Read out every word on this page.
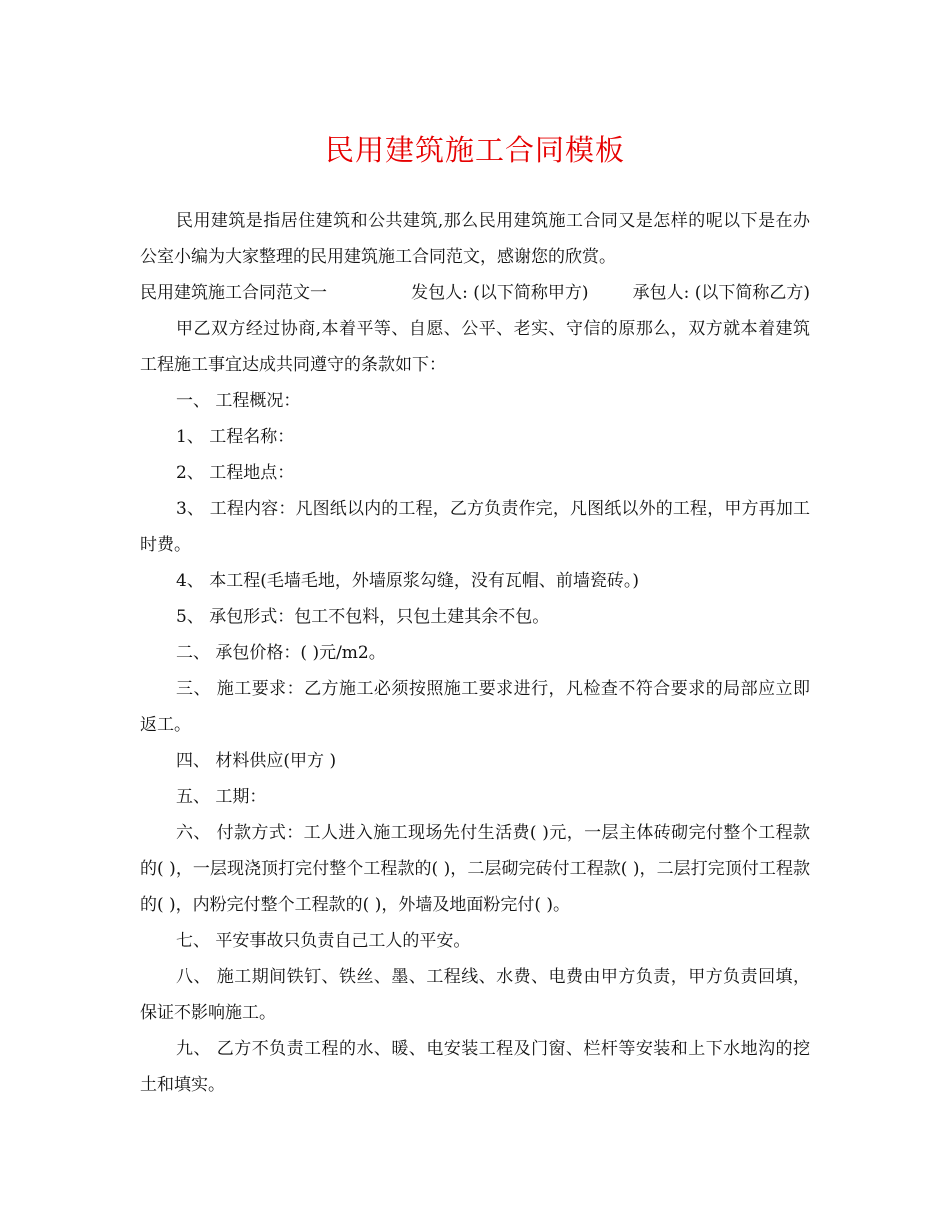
民用建筑施工合同模板

民用建筑是指居住建筑和公共建筑,那么民用建筑施工合同又是怎样的呢以下是在办公室小编为大家整理的民用建筑施工合同范文，感谢您的欣赏。

民用建筑施工合同范文一	发包人: (以下简称甲方)	承包人: (以下简称乙方)

甲乙双方经过协商,本着平等、自愿、公平、老实、守信的原那么，双方就本着建筑工程施工事宜达成共同遵守的条款如下：

一、 工程概况：

1、 工程名称：

2、 工程地点：

3、 工程内容：凡图纸以内的工程，乙方负责作完，凡图纸以外的工程，甲方再加工时费。

4、 本工程(毛墙毛地，外墙原浆勾缝，没有瓦帽、前墙瓷砖。)

5、 承包形式：包工不包料，只包土建其余不包。

二、 承包价格：( )元/m2。

三、 施工要求：乙方施工必须按照施工要求进行，凡检查不符合要求的局部应立即返工。

四、 材料供应(甲方 )

五、 工期：

六、 付款方式：工人进入施工现场先付生活费( )元，一层主体砖砌完付整个工程款的( )，一层现浇顶打完付整个工程款的( )，二层砌完砖付工程款( )，二层打完顶付工程款的( )，内粉完付整个工程款的( )，外墙及地面粉完付( )。

七、 平安事故只负责自己工人的平安。

八、 施工期间铁钉、铁丝、墨、工程线、水费、电费由甲方负责，甲方负责回填，保证不影响施工。

九、 乙方不负责工程的水、暖、电安装工程及门窗、栏杆等安装和上下水地沟的挖土和填实。
